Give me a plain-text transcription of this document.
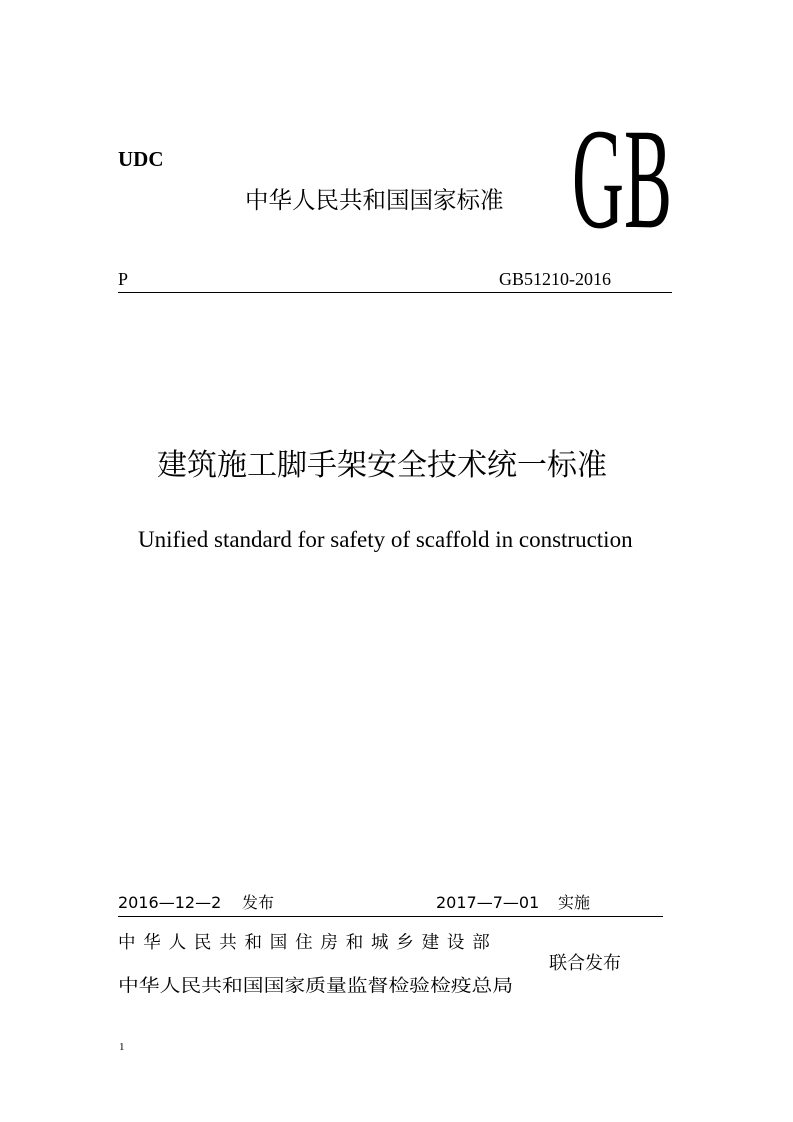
UDC
中华人民共和国国家标准 GB
P	GB51210-2016
建筑施工脚手架安全技术统一标准
Unified standard for safety of scaffold in construction
2016—12—2 发布	2017—7—01 实施
中华人民共和国住房和城乡建设部
中华人民共和国国家质量监督检验检疫总局
联合发布
1
